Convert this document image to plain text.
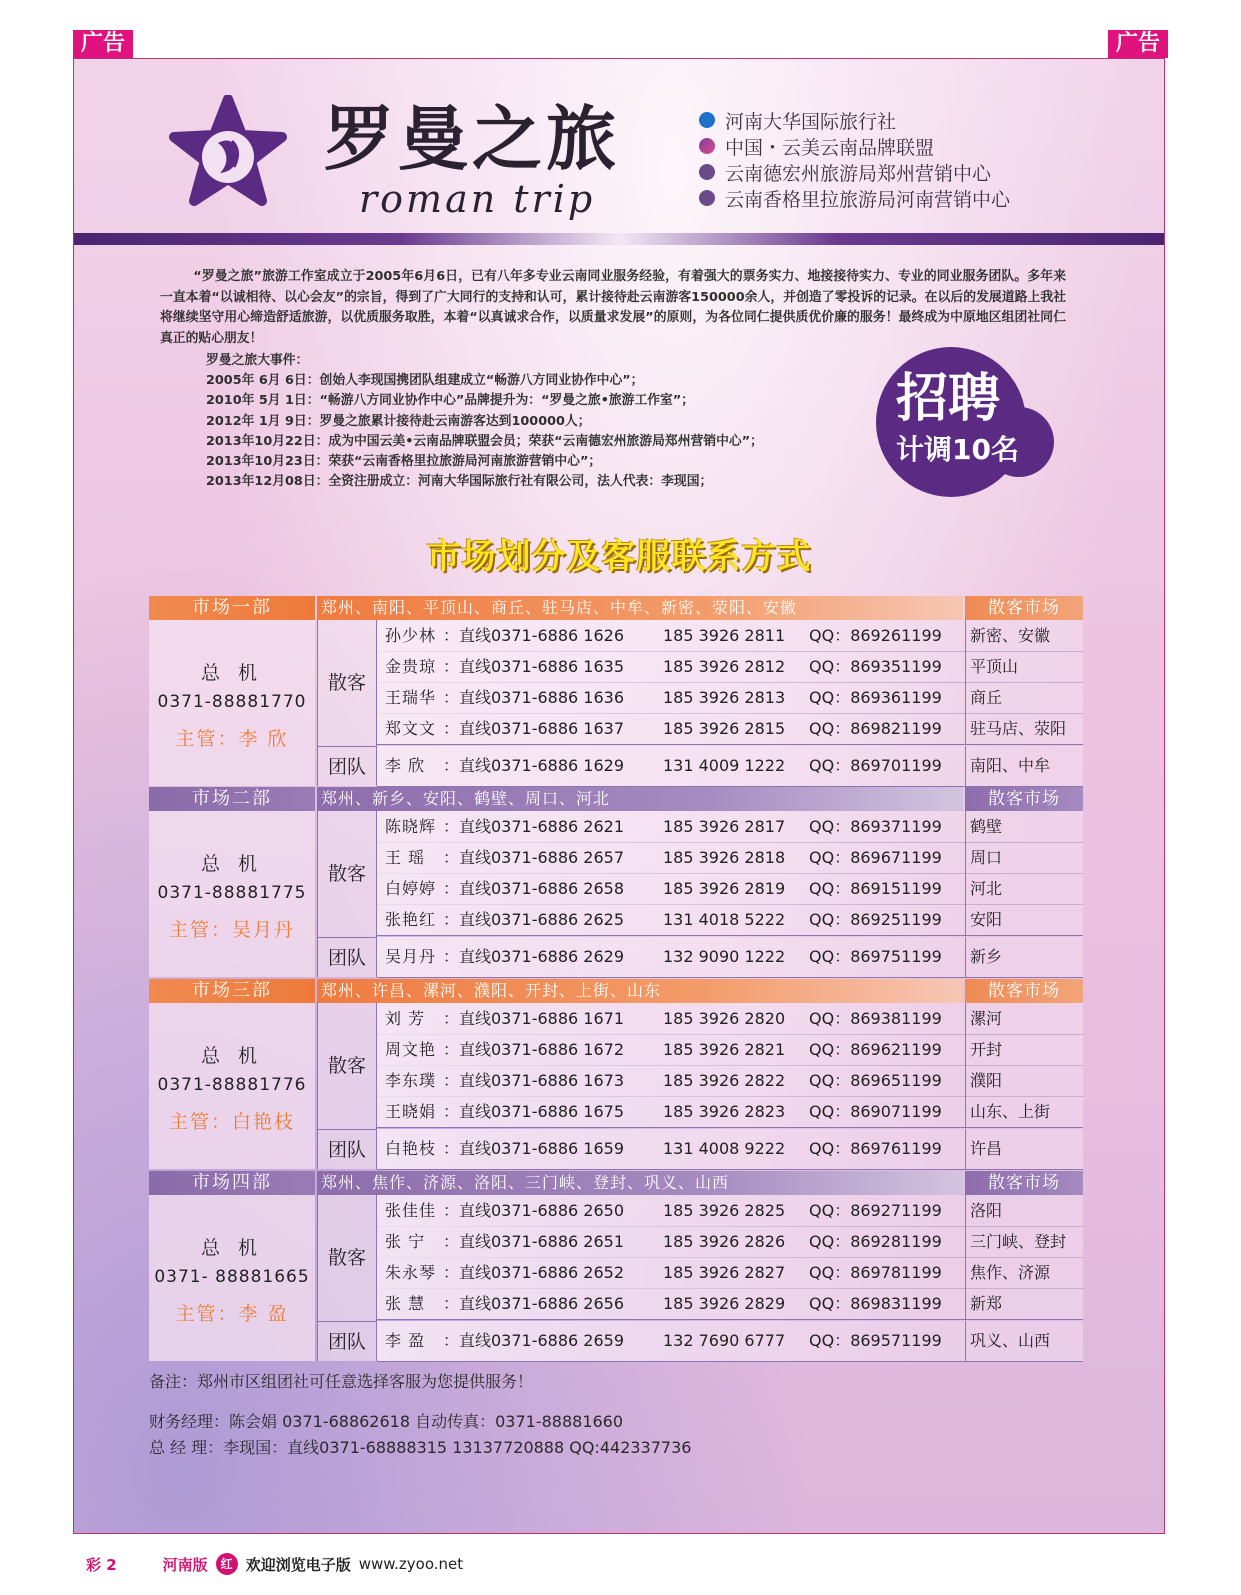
广告	广告
罗曼之旅
roman trip
河南大华国际旅行社
中国・云美云南品牌联盟
云南德宏州旅游局郑州营销中心
云南香格里拉旅游局河南营销中心

“罗曼之旅”旅游工作室成立于2005年6月6日，已有八年多专业云南同业服务经验，有着强大的票务实力、地接接待实力、专业的同业服务团队。多年来一直本着“以诚相待、以心会友”的宗旨，得到了广大同行的支持和认可，累计接待赴云南游客150000余人，并创造了零投诉的记录。在以后的发展道路上我社将继续坚守用心缔造舒适旅游，以优质服务取胜，本着“以真诚求合作，以质量求发展”的原则，为各位同仁提供质优价廉的服务！最终成为中原地区组团社同仁真正的贴心朋友！

罗曼之旅大事件：
2005年 6月 6日：创始人李现国携团队组建成立“畅游八方同业协作中心”；
2010年 5月 1日：“畅游八方同业协作中心”品牌提升为：“罗曼之旅•旅游工作室”；
2012年 1月 9日：罗曼之旅累计接待赴云南游客达到100000人；
2013年10月22日：成为中国云美•云南品牌联盟会员；荣获“云南德宏州旅游局郑州营销中心”；
2013年10月23日：荣获“云南香格里拉旅游局河南旅游营销中心”；
2013年12月08日：全资注册成立：河南大华国际旅行社有限公司，法人代表：李现国；
招聘
计调10名
市场划分及客服联系方式
市场一部	郑州、南阳、平顶山、商丘、驻马店、中牟、新密、荥阳、安徽	散客市场
总 机
0371-88881770
主管：李 欣
散客
团队
孙少林 ：直线0371-6886 1626	185 3926 2811	QQ：869261199	新密、安徽
金贵琼 ：直线0371-6886 1635	185 3926 2812	QQ：869351199	平顶山
王瑞华 ：直线0371-6886 1636	185 3926 2813	QQ：869361199	商丘
郑文文 ：直线0371-6886 1637	185 3926 2815	QQ：869821199	驻马店、荥阳
李 欣	：直线0371-6886 1629	131 4009 1222	QQ：869701199	南阳、中牟
市场二部	郑州、新乡、安阳、鹤壁、周口、河北	散客市场
总 机
0371-88881775
主管：吴月丹
散客
团队
陈晓辉 ：直线0371-6886 2621	185 3926 2817	QQ：869371199	鹤壁
王 瑶	：直线0371-6886 2657	185 3926 2818	QQ：869671199	周口
白婷婷 ：直线0371-6886 2658	185 3926 2819	QQ：869151199	河北
张艳红 ：直线0371-6886 2625	131 4018 5222	QQ：869251199	安阳
吴月丹 ：直线0371-6886 2629	132 9090 1222	QQ：869751199	新乡
市场三部	郑州、许昌、漯河、濮阳、开封、上街、山东	散客市场
总 机
0371-88881776
主管：白艳枝
散客
团队
刘 芳	：直线0371-6886 1671	185 3926 2820	QQ：869381199	漯河
周文艳 ：直线0371-6886 1672	185 3926 2821	QQ：869621199	开封
李东璞 ：直线0371-6886 1673	185 3926 2822	QQ：869651199	濮阳
王晓娟 ：直线0371-6886 1675	185 3926 2823	QQ：869071199	山东、上街
白艳枝 ：直线0371-6886 1659	131 4008 9222	QQ：869761199	许昌
市场四部	郑州、焦作、济源、洛阳、三门峡、登封、巩义、山西	散客市场
总 机
0371- 88881665
主管：李 盈
散客
团队
张佳佳 ：直线0371-6886 2650	185 3926 2825	QQ：869271199	洛阳
张 宁	：直线0371-6886 2651	185 3926 2826	QQ：869281199	三门峡、登封
朱永琴 ：直线0371-6886 2652	185 3926 2827	QQ：869781199	焦作、济源
张 慧	：直线0371-6886 2656	185 3926 2829	QQ：869831199	新郑
李 盈	：直线0371-6886 2659	132 7690 6777	QQ：869571199	巩义、山西
备注：郑州市区组团社可任意选择客服为您提供服务！
财务经理：陈会娟 0371-68862618 自动传真：0371-88881660
总 经 理：李现国：直线0371-68888315 13137720888 QQ:442337736
彩 2	河南版	红 欢迎浏览电子版 www.zyoo.net
